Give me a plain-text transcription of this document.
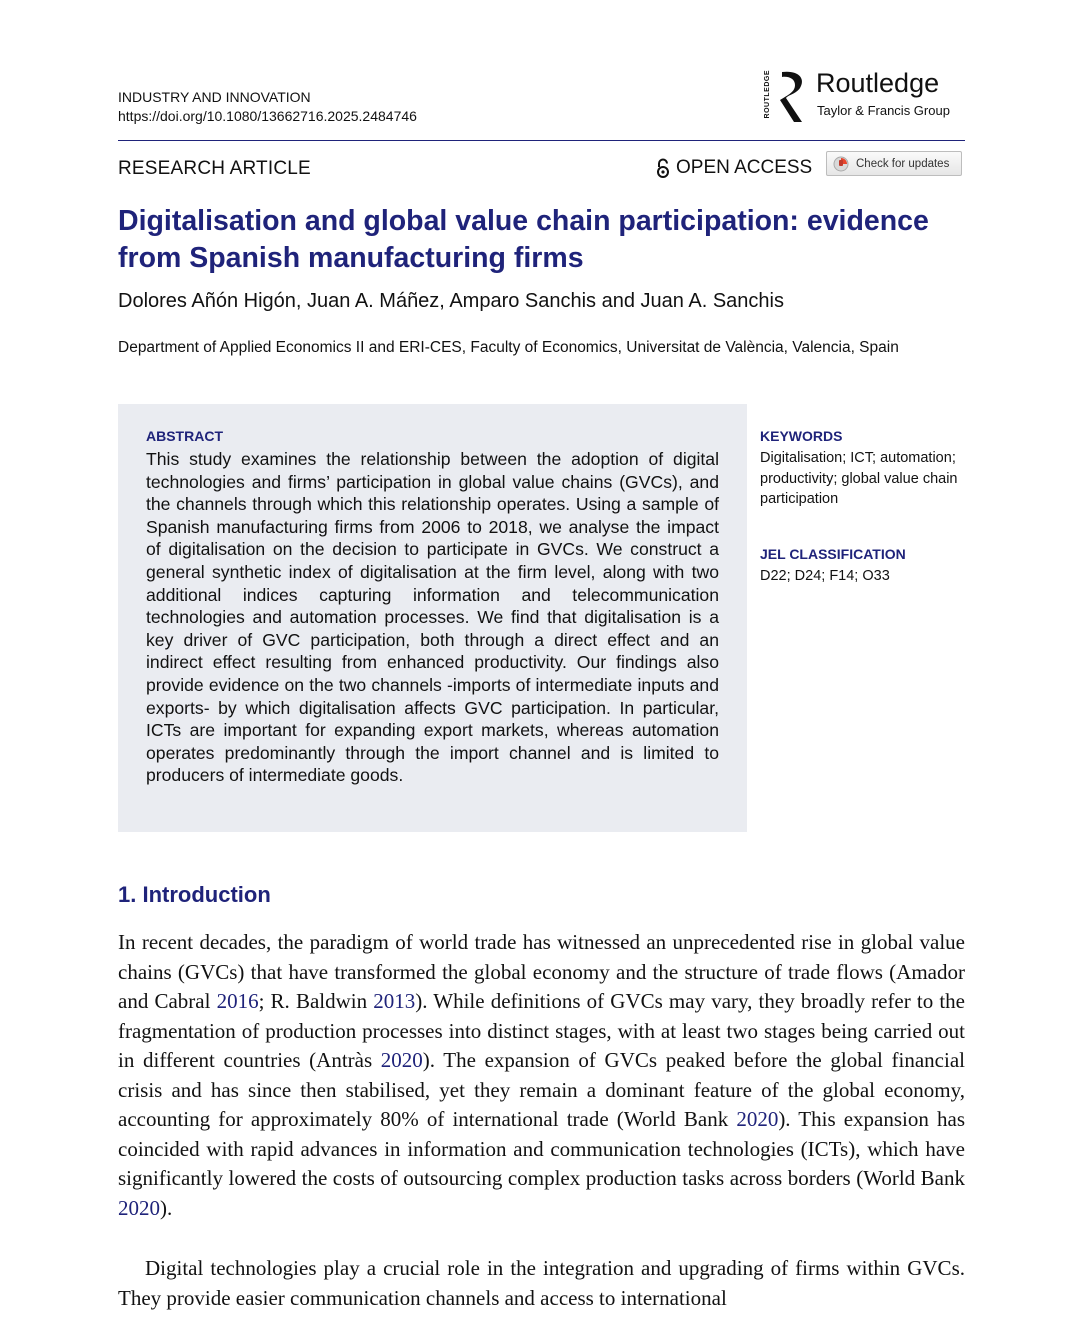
INDUSTRY AND INNOVATION
https://doi.org/10.1080/13662716.2025.2484746	ROUTLEDGE Routledge
Taylor & Francis Group
RESEARCH ARTICLE	OPEN ACCESS	Check for updates
Digitalisation and global value chain participation: evidence from Spanish manufacturing firms
Dolores Añón Higón, Juan A. Máñez, Amparo Sanchis and Juan A. Sanchis
Department of Applied Economics II and ERI-CES, Faculty of Economics, Universitat de València, Valencia, Spain
ABSTRACT
This study examines the relationship between the adoption of digital technologies and firms’ participation in global value chains (GVCs), and the channels through which this relationship operates. Using a sample of Spanish manufacturing firms from 2006 to 2018, we analyse the impact of digitalisation on the decision to participate in GVCs. We construct a general synthetic index of digitalisation at the firm level, along with two additional indices capturing information and telecommunication technologies and automation processes. We find that digitalisation is a key driver of GVC participation, both through a direct effect and an indirect effect resulting from enhanced productivity. Our findings also provide evidence on the two channels -imports of intermediate inputs and exports- by which digitalisation affects GVC participation. In particular, ICTs are important for expanding export markets, whereas automation operates predominantly through the import channel and is limited to producers of intermediate goods.
KEYWORDS
Digitalisation; ICT; automation; productivity; global value chain participation
JEL CLASSIFICATION
D22; D24; F14; O33
1. Introduction
In recent decades, the paradigm of world trade has witnessed an unprecedented rise in global value chains (GVCs) that have transformed the global economy and the structure of trade flows (Amador and Cabral 2016; R. Baldwin 2013). While definitions of GVCs may vary, they broadly refer to the fragmentation of production processes into distinct stages, with at least two stages being carried out in different countries (Antràs 2020). The expansion of GVCs peaked before the global financial crisis and has since then stabilised, yet they remain a dominant feature of the global economy, accounting for approximately 80% of international trade (World Bank 2020). This expansion has coincided with rapid advances in information and communication technologies (ICTs), which have significantly lowered the costs of outsourcing complex production tasks across borders (World Bank 2020).
Digital technologies play a crucial role in the integration and upgrading of firms within GVCs. They provide easier communication channels and access to international
